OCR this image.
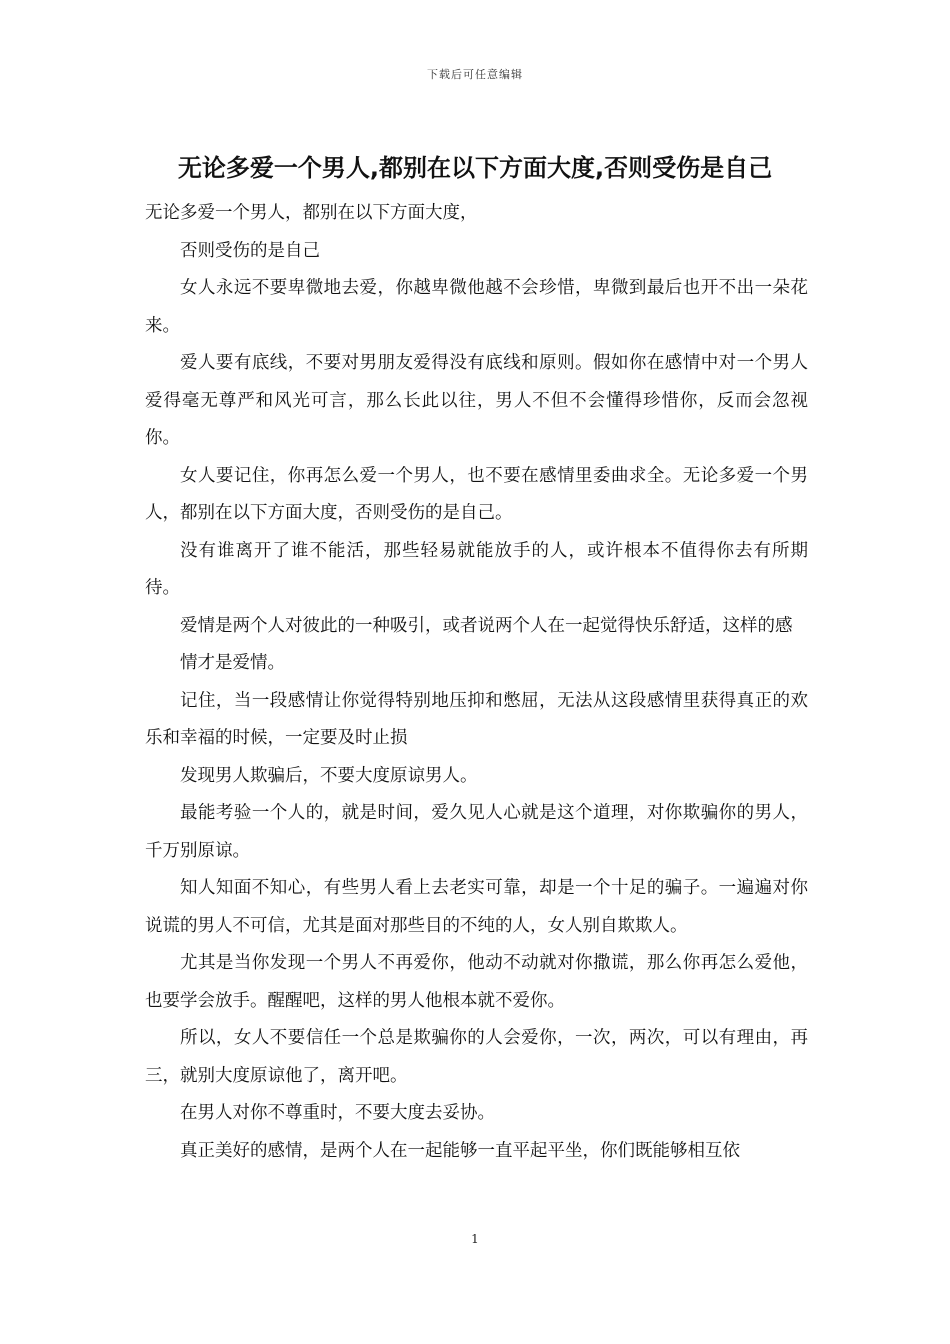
下载后可任意编辑
无论多爱一个男人,都别在以下方面大度,否则受伤是自己

无论多爱一个男人，都别在以下方面大度，

否则受伤的是自己

女人永远不要卑微地去爱，你越卑微他越不会珍惜，卑微到最后也开不出一朵花来。

爱人要有底线，不要对男朋友爱得没有底线和原则。假如你在感情中对一个男人爱得毫无尊严和风光可言，那么长此以往，男人不但不会懂得珍惜你，反而会忽视你。

女人要记住，你再怎么爱一个男人，也不要在感情里委曲求全。无论多爱一个男人，都别在以下方面大度，否则受伤的是自己。

没有谁离开了谁不能活，那些轻易就能放手的人，或许根本不值得你去有所期待。

爱情是两个人对彼此的一种吸引，或者说两个人在一起觉得快乐舒适，这样的感

情才是爱情。

记住，当一段感情让你觉得特别地压抑和憋屈，无法从这段感情里获得真正的欢乐和幸福的时候，一定要及时止损

发现男人欺骗后，不要大度原谅男人。

最能考验一个人的，就是时间，爱久见人心就是这个道理，对你欺骗你的男人，千万别原谅。

知人知面不知心，有些男人看上去老实可靠，却是一个十足的骗子。一遍遍对你说谎的男人不可信，尤其是面对那些目的不纯的人，女人别自欺欺人。

尤其是当你发现一个男人不再爱你，他动不动就对你撒谎，那么你再怎么爱他，也要学会放手。醒醒吧，这样的男人他根本就不爱你。

所以，女人不要信任一个总是欺骗你的人会爱你，一次，两次，可以有理由，再三，就别大度原谅他了，离开吧。

在男人对你不尊重时，不要大度去妥协。

真正美好的感情，是两个人在一起能够一直平起平坐，你们既能够相互依

1
